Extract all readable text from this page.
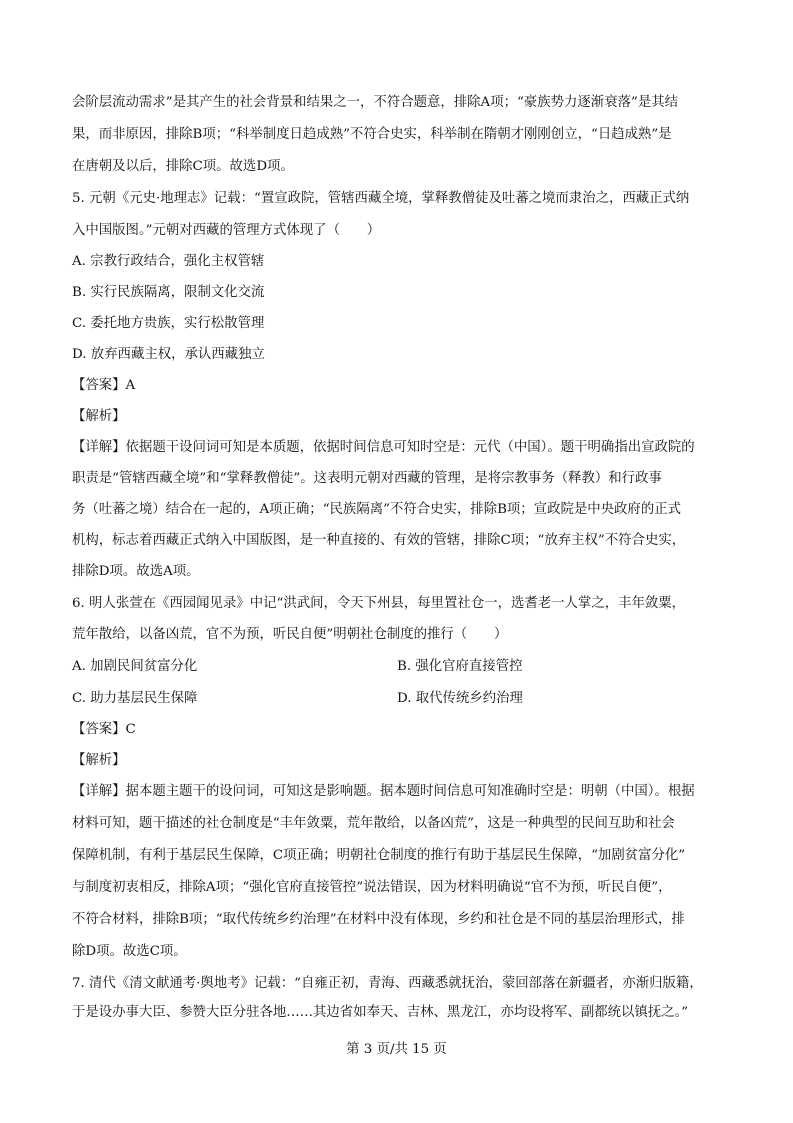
会阶层流动需求”是其产生的社会背景和结果之一，不符合题意，排除A项；“豪族势力逐渐衰落”是其结
果，而非原因，排除B项；“科举制度日趋成熟”不符合史实，科举制在隋朝才刚刚创立，“日趋成熟”是
在唐朝及以后，排除C项。故选D项。
5. 元朝《元史·地理志》记载：“置宣政院，管辖西藏全境，掌释教僧徒及吐蕃之境而隶治之，西藏正式纳
入中国版图。”元朝对西藏的管理方式体现了（　　）
A. 宗教行政结合，强化主权管辖
B. 实行民族隔离，限制文化交流
C. 委托地方贵族，实行松散管理
D. 放弃西藏主权，承认西藏独立
【答案】A
【解析】
【详解】依据题干设问词可知是本质题，依据时间信息可知时空是：元代（中国）。题干明确指出宣政院的
职责是“管辖西藏全境”和“掌释教僧徒”。这表明元朝对西藏的管理，是将宗教事务（释教）和行政事
务（吐蕃之境）结合在一起的，A项正确；“民族隔离”不符合史实，排除B项；宣政院是中央政府的正式
机构，标志着西藏正式纳入中国版图，是一种直接的、有效的管辖，排除C项；“放弃主权”不符合史实，
排除D项。故选A项。
6. 明人张萱在《西园闻见录》中记“洪武间，令天下州县，每里置社仓一，选耆老一人掌之，丰年敛粟，
荒年散给，以备凶荒，官不为预，听民自便”明朝社仓制度的推行（　　）
A. 加剧民间贫富分化	B. 强化官府直接管控
C. 助力基层民生保障	D. 取代传统乡约治理
【答案】C
【解析】
【详解】据本题主题干的设问词，可知这是影响题。据本题时间信息可知准确时空是：明朝（中国）。根据
材料可知，题干描述的社仓制度是“丰年敛粟，荒年散给，以备凶荒”，这是一种典型的民间互助和社会
保障机制，有利于基层民生保障，C项正确；明朝社仓制度的推行有助于基层民生保障，“加剧贫富分化”
与制度初衷相反，排除A项；“强化官府直接管控”说法错误，因为材料明确说“官不为预，听民自便”，
不符合材料，排除B项；“取代传统乡约治理”在材料中没有体现，乡约和社仓是不同的基层治理形式，排
除D项。故选C项。
7. 清代《清文献通考·舆地考》记载：“自雍正初，青海、西藏悉就抚治，蒙回部落在新疆者，亦渐归版籍，
于是设办事大臣、参赞大臣分驻各地……其边省如奉天、吉林、黑龙江，亦均设将军、副都统以镇抚之。”
第 3 页/共 15 页
